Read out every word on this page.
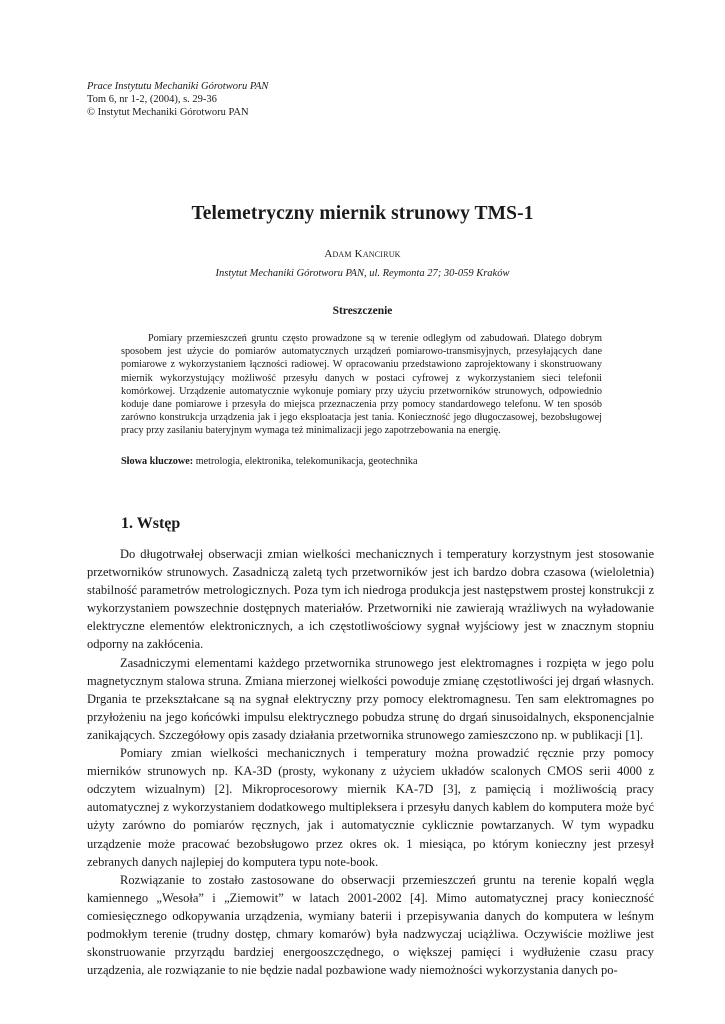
Prace Instytutu Mechaniki Górotworu PAN
Tom 6, nr 1-2, (2004), s. 29-36
© Instytut Mechaniki Górotworu PAN
Telemetryczny miernik strunowy TMS-1
Adam Kanciruk
Instytut Mechaniki Górotworu PAN, ul. Reymonta 27; 30-059 Kraków
Streszczenie
Pomiary przemieszczeń gruntu często prowadzone są w terenie odległym od zabudowań. Dlatego dobrym sposobem jest użycie do pomiarów automatycznych urządzeń pomiarowo-transmisyjnych, przesyłających dane pomiarowe z wykorzystaniem łączności radiowej. W opracowaniu przedstawiono zaprojektowany i skonstruowany miernik wykorzystujący możliwość przesyłu danych w postaci cyfrowej z wykorzystaniem sieci telefonii komórkowej. Urządzenie automatycznie wykonuje pomiary przy użyciu przetworników strunowych, odpowiednio koduje dane pomiarowe i przesyła do miejsca przeznaczenia przy pomocy standardowego telefonu. W ten sposób zarówno konstrukcja urządzenia jak i jego eksploatacja jest tania. Konieczność jego długoczasowej, bezobsługowej pracy przy zasilaniu bateryjnym wymaga też minimalizacji jego zapotrzebowania na energię.
Słowa kluczowe: metrologia, elektronika, telekomunikacja, geotechnika
1. Wstęp

Do długotrwałej obserwacji zmian wielkości mechanicznych i temperatury korzystnym jest stosowanie przetworników strunowych. Zasadniczą zaletą tych przetworników jest ich bardzo dobra czasowa (wieloletnia) stabilność parametrów metrologicznych. Poza tym ich niedroga produkcja jest następstwem prostej konstrukcji z wykorzystaniem powszechnie dostępnych materiałów. Przetworniki nie zawierają wrażliwych na wyładowanie elektryczne elementów elektronicznych, a ich częstotliwościowy sygnał wyjściowy jest w znacznym stopniu odporny na zakłócenia.

Zasadniczymi elementami każdego przetwornika strunowego jest elektromagnes i rozpięta w jego polu magnetycznym stalowa struna. Zmiana mierzonej wielkości powoduje zmianę częstotliwości jej drgań własnych. Drgania te przekształcane są na sygnał elektryczny przy pomocy elektromagnesu. Ten sam elektromagnes po przyłożeniu na jego końcówki impulsu elektrycznego pobudza strunę do drgań sinusoidalnych, eksponencjalnie zanikających. Szczegółowy opis zasady działania przetwornika strunowego zamieszczono np. w publikacji [1].

Pomiary zmian wielkości mechanicznych i temperatury można prowadzić ręcznie przy pomocy mierników strunowych np. KA-3D (prosty, wykonany z użyciem układów scalonych CMOS serii 4000 z odczytem wizualnym) [2]. Mikroprocesorowy miernik KA-7D [3], z pamięcią i możliwością pracy automatycznej z wykorzystaniem dodatkowego multipleksera i przesyłu danych kablem do komputera może być użyty zarówno do pomiarów ręcznych, jak i automatycznie cyklicznie powtarzanych. W tym wypadku urządzenie może pracować bezobsługowo przez okres ok. 1 miesiąca, po którym konieczny jest przesył zebranych danych najlepiej do komputera typu note-book.

Rozwiązanie to zostało zastosowane do obserwacji przemieszczeń gruntu na terenie kopalń węgla kamiennego „Wesoła” i „Ziemowit” w latach 2001-2002 [4]. Mimo automatycznej pracy konieczność comiesięcznego odkopywania urządzenia, wymiany baterii i przepisywania danych do komputera w leśnym podmokłym terenie (trudny dostęp, chmary komarów) była nadzwyczaj uciążliwa. Oczywiście możliwe jest skonstruowanie przyrządu bardziej energooszczędnego, o większej pamięci i wydłużenie czasu pracy urządzenia, ale rozwiązanie to nie będzie nadal pozbawione wady niemożności wykorzystania danych po-
